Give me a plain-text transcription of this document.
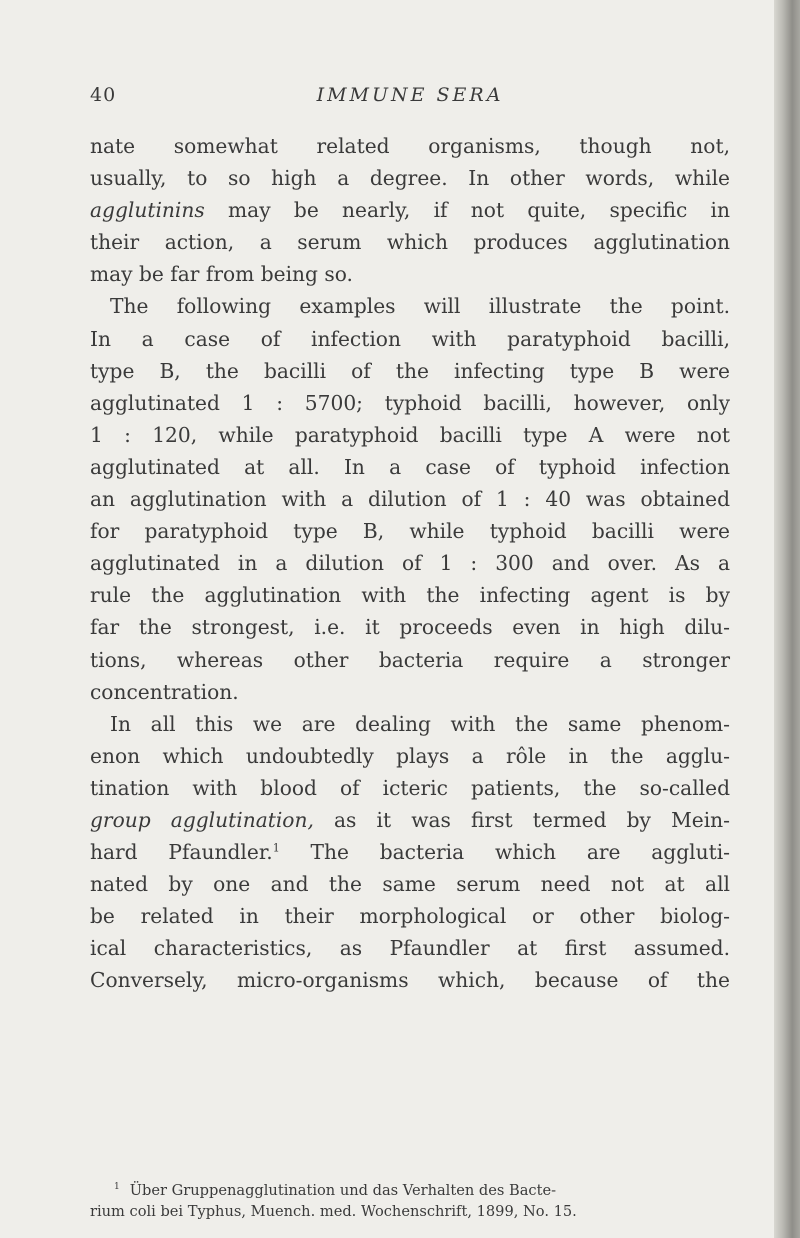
40	IMMUNE SERA
nate somewhat related organisms, though not,
usually, to so high a degree. In other words, while
agglutinins may be nearly, if not quite, specific in
their action, a serum which produces agglutination
may be far from being so.
The following examples will illustrate the point.
In a case of infection with paratyphoid bacilli,
type B, the bacilli of the infecting type B were
agglutinated 1 : 5700; typhoid bacilli, however, only
1 : 120, while paratyphoid bacilli type A were not
agglutinated at all. In a case of typhoid infection
an agglutination with a dilution of 1 : 40 was obtained
for paratyphoid type B, while typhoid bacilli were
agglutinated in a dilution of 1 : 300 and over. As a
rule the agglutination with the infecting agent is by
far the strongest, i.e. it proceeds even in high dilu-
tions, whereas other bacteria require a stronger
concentration.
In all this we are dealing with the same phenom-
enon which undoubtedly plays a rôle in the agglu-
tination with blood of icteric patients, the so-called
group agglutination, as it was first termed by Mein-
hard Pfaundler.$^1$ The bacteria which are aggluti-
nated by one and the same serum need not at all
be related in their morphological or other biolog-
ical characteristics, as Pfaundler at first assumed.
Conversely, micro-organisms which, because of the
$^1$ Über Gruppenagglutination und das Verhalten des Bacte-
rium coli bei Typhus, Muench. med. Wochenschrift, 1899, No. 15.
